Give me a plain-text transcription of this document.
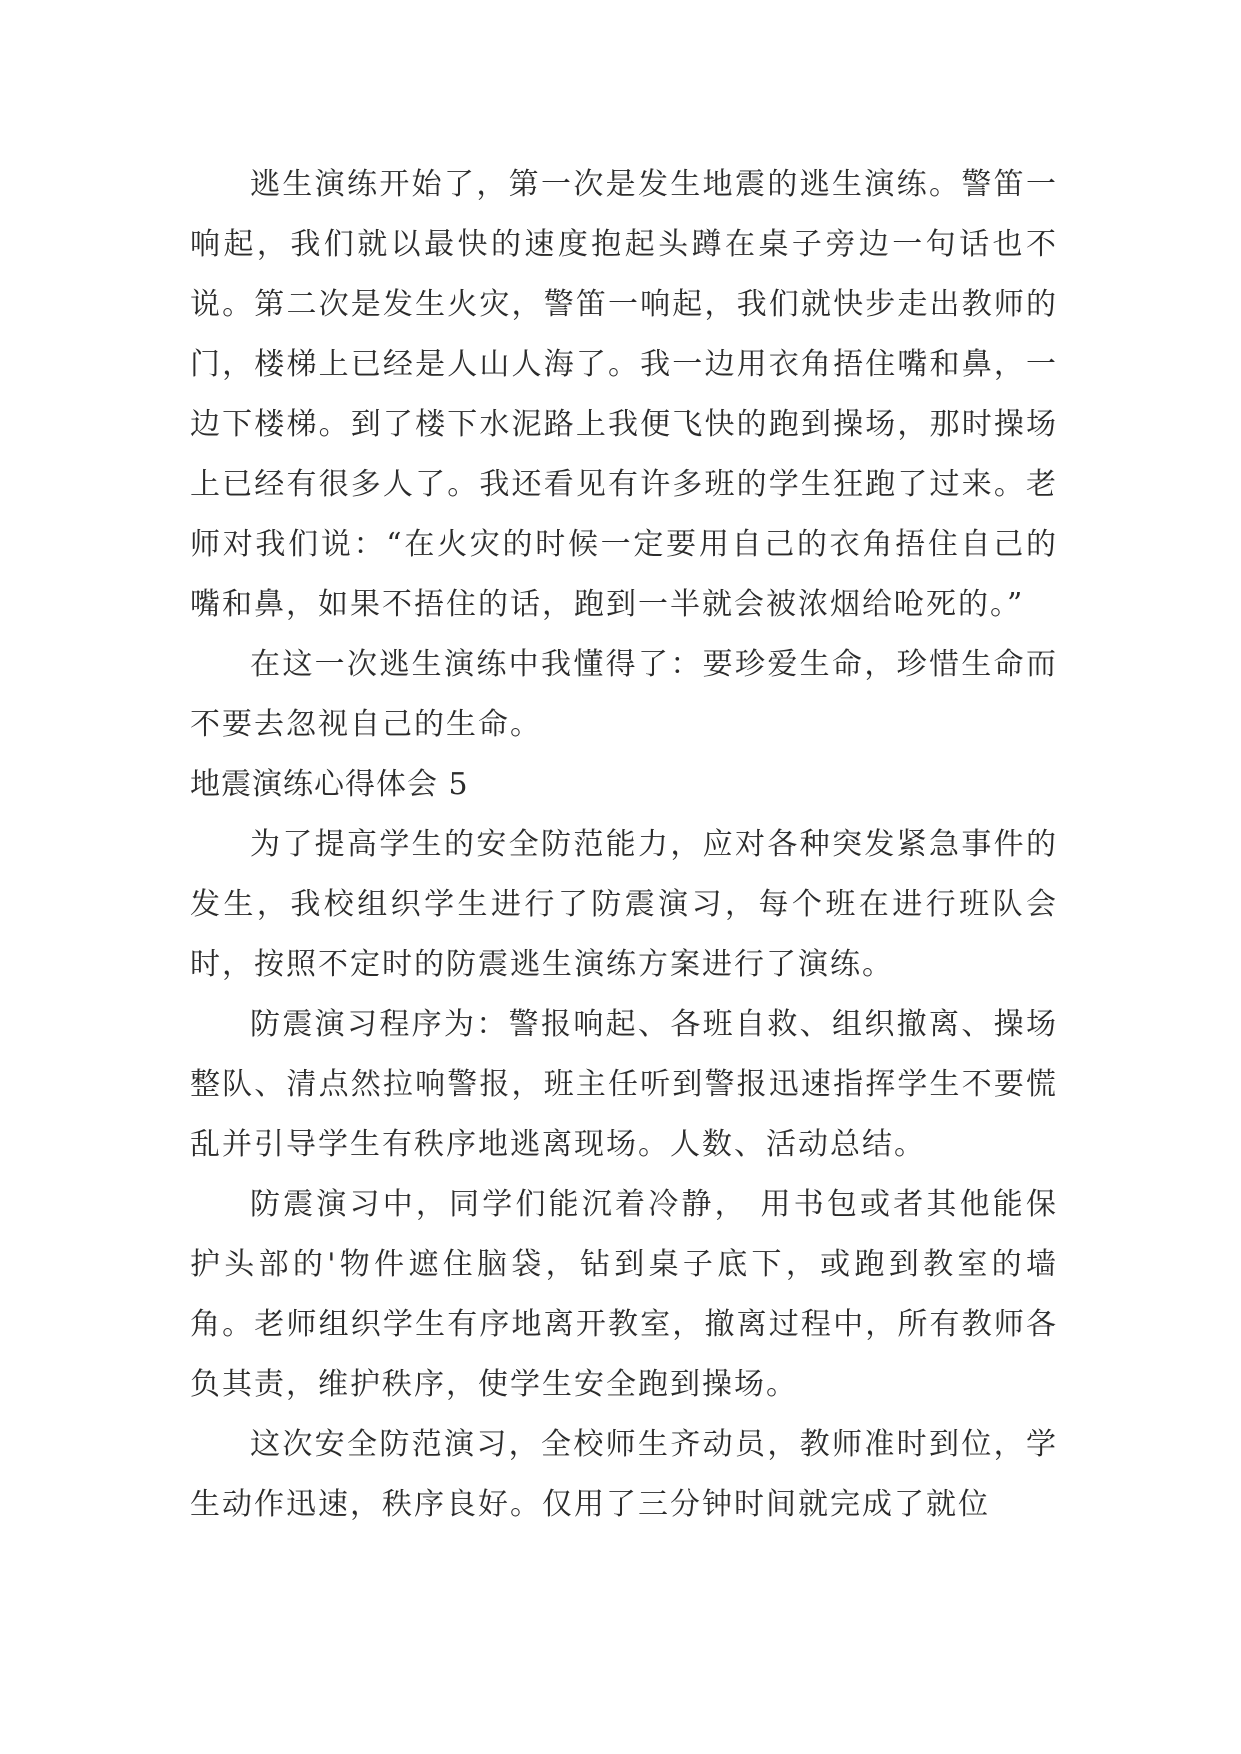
逃生演练开始了，第一次是发生地震的逃生演练。警笛一响起，我们就以最快的速度抱起头蹲在桌子旁边一句话也不说。第二次是发生火灾，警笛一响起，我们就快步走出教师的门，楼梯上已经是人山人海了。我一边用衣角捂住嘴和鼻，一边下楼梯。到了楼下水泥路上我便飞快的跑到操场，那时操场上已经有很多人了。我还看见有许多班的学生狂跑了过来。老师对我们说：“在火灾的时候一定要用自己的衣角捂住自己的嘴和鼻，如果不捂住的话，跑到一半就会被浓烟给呛死的。”

在这一次逃生演练中我懂得了：要珍爱生命，珍惜生命而不要去忽视自己的生命。

地震演练心得体会 5

为了提高学生的安全防范能力，应对各种突发紧急事件的发生，我校组织学生进行了防震演习，每个班在进行班队会时，按照不定时的防震逃生演练方案进行了演练。

防震演习程序为：警报响起、各班自救、组织撤离、操场整队、清点然拉响警报，班主任听到警报迅速指挥学生不要慌乱并引导学生有秩序地逃离现场。人数、活动总结。

防震演习中，同学们能沉着冷静， 用书包或者其他能保护头部的'物件遮住脑袋，钻到桌子底下，或跑到教室的墙角。老师组织学生有序地离开教室，撤离过程中，所有教师各负其责，维护秩序，使学生安全跑到操场。

这次安全防范演习，全校师生齐动员，教师准时到位，学生动作迅速，秩序良好。仅用了三分钟时间就完成了就位
